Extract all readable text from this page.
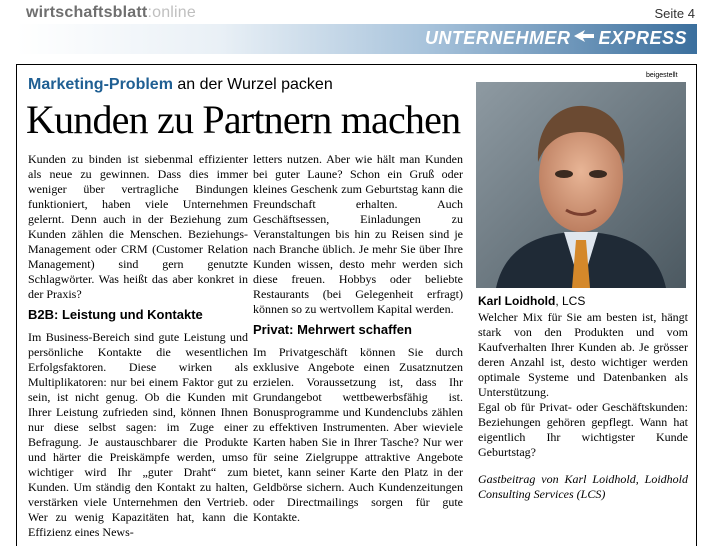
wirtschaftsblatt:online	Seite 4
UNTERNEHMER EXPRESS
Marketing-Problem an der Wurzel packen
Kunden zu Partnern machen

Kunden zu binden ist siebenmal effizienter als neue zu gewinnen. Dass dies immer weniger über vertragliche Bindungen funktioniert, haben viele Unternehmen gelernt. Denn auch in der Beziehung zum Kunden zählen die Menschen. Beziehungs-Management oder CRM (Customer Relation Management) sind gern genutzte Schlagwörter. Was heißt das aber konkret in der Praxis?

B2B: Leistung und Kontakte

Im Business-Bereich sind gute Leistung und persönliche Kontakte die wesentlichen Erfolgsfaktoren. Diese wirken als Multiplikatoren: nur bei einem Faktor gut zu sein, ist nicht genug. Ob die Kunden mit Ihrer Leistung zufrieden sind, können Ihnen nur diese selbst sagen: im Zuge einer Befragung. Je austauschbarer die Produkte und härter die Preiskämpfe werden, umso wichtiger wird Ihr „guter Draht“ zum Kunden. Um ständig den Kontakt zu halten, verstärken viele Unternehmen den Vertrieb. Wer zu wenig Kapazitäten hat, kann die Effizienz eines News-

letters nutzen. Aber wie hält man Kunden bei guter Laune? Schon ein Gruß oder kleines Geschenk zum Geburtstag kann die Freundschaft erhalten. Auch Geschäftsessen, Einladungen zu Veranstaltungen bis hin zu Reisen sind je nach Branche üblich. Je mehr Sie über Ihre Kunden wissen, desto mehr werden sich diese freuen. Hobbys oder beliebte Restaurants (bei Gelegenheit erfragt) können so zu wertvollem Kapital werden.

Privat: Mehrwert schaffen

Im Privatgeschäft können Sie durch exklusive Angebote einen Zusatznutzen erzielen. Voraussetzung ist, dass Ihr Grundangebot wettbewerbsfähig ist. Bonusprogramme und Kundenclubs zählen zu effektiven Instrumenten. Aber wieviele Karten haben Sie in Ihrer Tasche? Nur wer für seine Zielgruppe attraktive Angebote bietet, kann seiner Karte den Platz in der Geldbörse sichern. Auch Kundenzeitungen oder Directmailings sorgen für gute Kontakte.

beigestellt
Karl Loidhold, LCS

Welcher Mix für Sie am besten ist, hängt stark von den Produkten und vom Kaufverhalten Ihrer Kunden ab. Je grösser deren Anzahl ist, desto wichtiger werden optimale Systeme und Datenbanken als Unterstützung.

Egal ob für Privat- oder Geschäftskunden: Beziehungen gehören gepflegt. Wann hat eigentlich Ihr wichtigster Kunde Geburtstag?

Gastbeitrag von Karl Loidhold, Loidhold Consulting Services (LCS)
